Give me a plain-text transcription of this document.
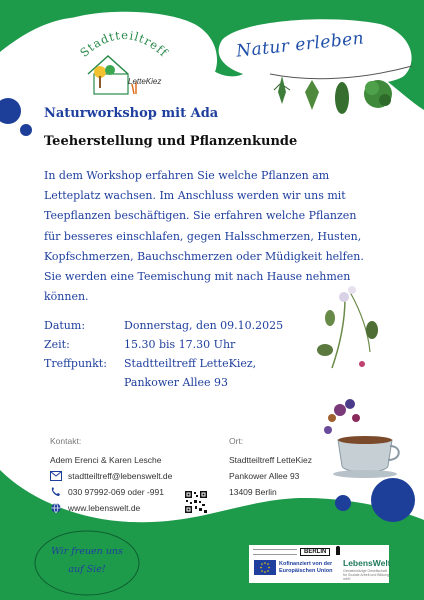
Stadtteiltreff
LetteKiez
Natur erleben
Naturworkshop mit Ada
Teeherstellung und Pflanzenkunde
In dem Workshop erfahren Sie welche Pflanzen am Letteplatz wachsen. Im Anschluss werden wir uns mit Teepflanzen beschäftigen. Sie erfahren welche Pflanzen für besseres einschlafen, gegen Halsschmerzen, Husten, Kopfschmerzen, Bauchschmerzen oder Müdigkeit helfen. Sie werden eine Teemischung mit nach Hause nehmen können.
Datum:	Donnerstag, den 09.10.2025
Zeit:	15.30 bis 17.30 Uhr
Treffpunkt: Stadtteiltreff LetteKiez,
Pankower Allee 93
Kontakt:
Adem Erenci & Karen Lesche
stadtteiltreff@lebenswelt.de
030 97992-069 oder -991
www.lebenswelt.de
Ort:
Stadtteiltreff LetteKiez
Pankower Allee 93
13409 Berlin
Wir freuen uns
auf Sie!
BERLIN
Kofinanziert von der
Europäischen Union
LebensWelt
Gemeinnützige Gesellschaft für Soziale Arbeit und Bildung mbH
